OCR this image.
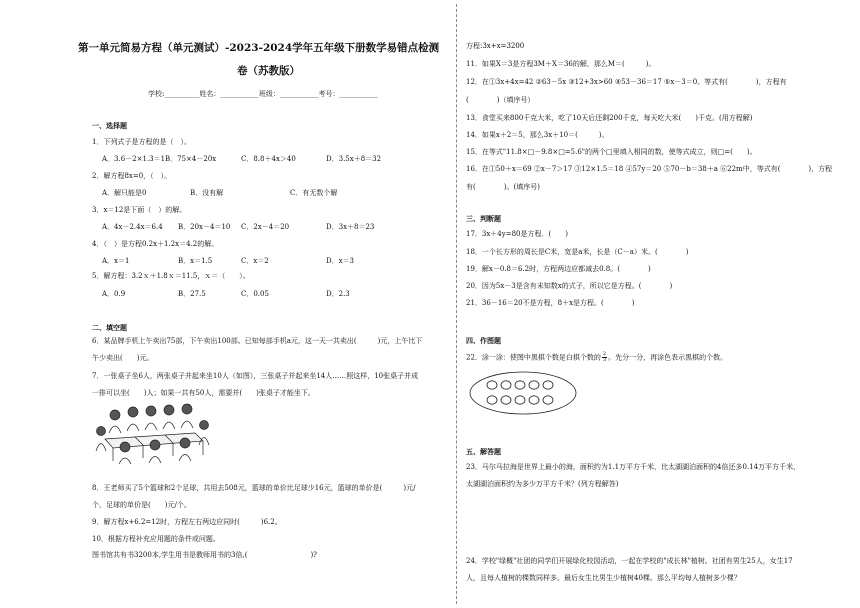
第一单元简易方程（单元测试）-2023-2024学年五年级下册数学易错点检测
卷（苏教版）
学校:__________姓名：___________班级：___________考号：___________
一、选择题
1．下列式子是方程的是（　）。
A．3.6－2×1.3＝1 B．75×4－20x	C．8.8＋4x＞40	D．3.5x＋8＝32
2．解方程8x=0，（　）。
A．解只能是0	B．没有解	C．有无数个解
3．x＝12是下面（　）的解。
A．4x－2.4x＝6.4 B．20x－4＝10 C．2x－4＝20	D．3x＋8＝23
4．（　）是方程0.2x＋1.2x＝4.2的解。
A．x＝1	B．x＝1.5	C．x＝2	D．x＝3
5．解方程：3.2ｘ＋1.8ｘ＝11.5，ｘ＝（　　）。
A．0.9	B．27.5	C．0.05	D．2.3
二、填空题
6．某品牌手机上午卖出75部，下午卖出100部。已知每部手机a元，这一天一共卖出(　　　)元，上午比下
午少卖出(　　)元。
7．一张桌子坐6人，两张桌子并起来坐10人（如图），三张桌子并起来坐14人……照这样，10张桌子并成
一排可以坐(　　)人；如果一共有50人，需要并(　　)张桌子才能坐下。
8．王老师买了5个篮球和2个足球，共用去508元，篮球的单价比足球少16元，篮球的单价是(　　　)元/
个，足球的单价是(　　)元/个。
9．解方程x+6.2=12时，方程左右两边应同时(　　　)6.2。
10．根据方程补充应用题的条件或问题。
图书馆共有书3200本,学生用书是教师用书的3倍,(　　　　　　　　　)?
方程:3x+x=3200
11．如果X＝3是方程3M＋X＝36的解，那么M＝(　　　)。
12．在①3x+4x=42 ②63－5x ③12+3x>60 ④53－36＝17 ⑤x－3＝0。等式有(　　　　)，方程有
(　　　　)（填序号）
13．食堂买来800千克大米，吃了10天后还剩200千克，每天吃大米(　　)千克。(用方程解)
14．如果x＋2＝5，那么3x＋10＝(　　　)。
15．在等式"11.8×□－9.8×□=5.6"的两个□里填入相同的数，使等式成立，则□=(　　)。
16．在①50＋x＝69 ②x－7＞17 ③12×1.5＝18 ④57y＝20 ⑤70－b＝38＋a ⑥22m中，等式有(　　　　)，方程
有(　　　　)。(填序号)
三、判断题
17．3x＋4y=80是方程．(　　)
18．一个长方形的周长是C米，宽是a米，长是（C－a）米。(　　　　)
19．解x－0.8＝6.2时，方程两边应都减去0.8。(　　　　)
20．因为5x－3是含有未知数x的式子，所以它是方程。(　　　　)
21．36－16＝20不是方程，8＋x是方程。(　　　　)
四、作图题
22．涂一涂：使图中黑棋个数是白棋个数的 $\frac{2}{3}$ 。先分一分，再涂色表示黑棋的个数。
五、解答题
23．马尔马拉海是世界上最小的海，面积约为1.1万平方千米，比太湖湖泊面积的4倍还多0.14万平方千米，
太湖湖泊面积约为多少万平方千米？(列方程解答)
24．学校"绿概"社团的同学们开展绿化校园活动，一起在学校的"成长林"植树。社团有男生25人，女生17
人，且每人植树的棵数同样多。最后女生比男生少植树40棵。那么平均每人植树多少棵？
